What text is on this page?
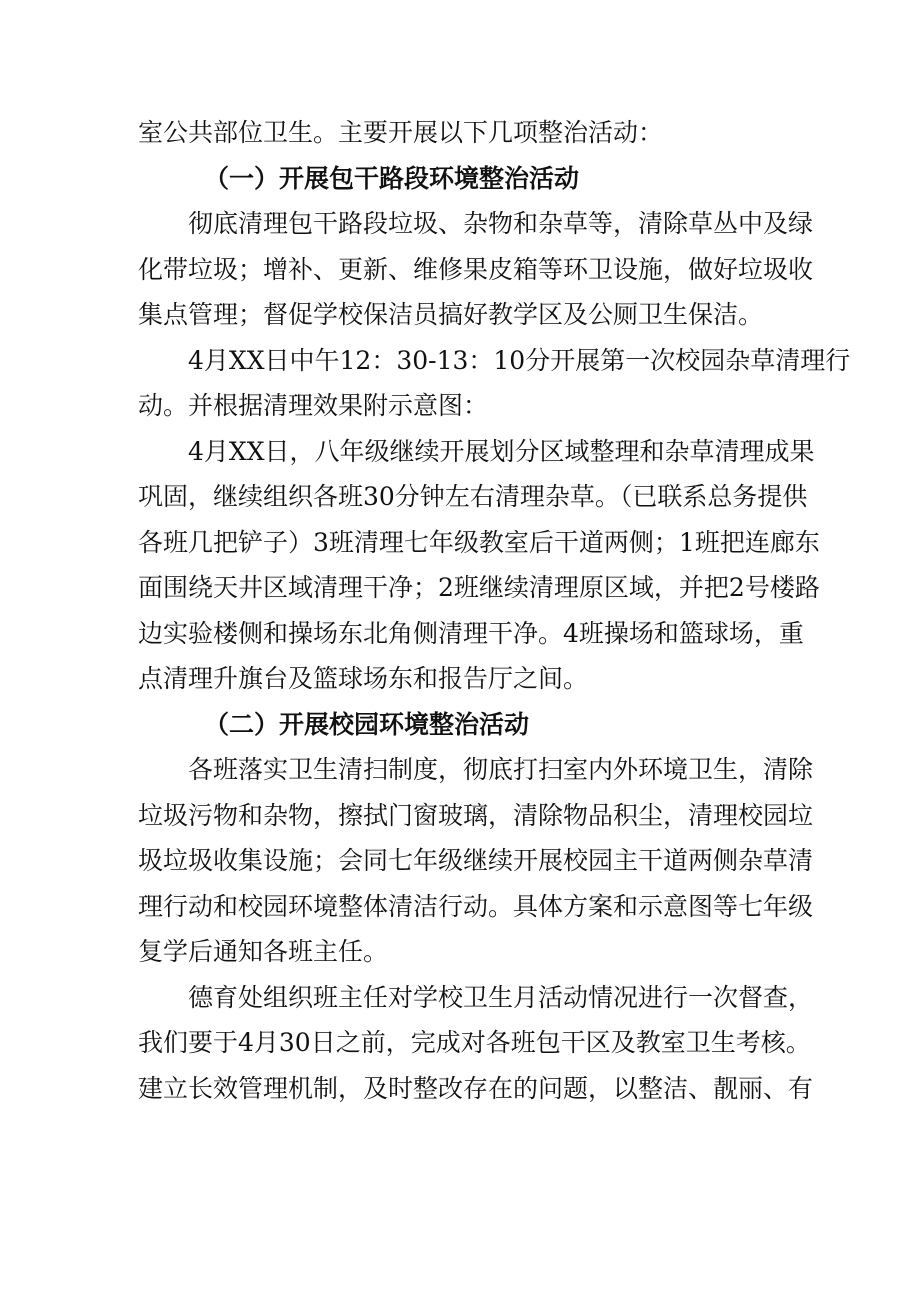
室公共部位卫生。主要开展以下几项整治活动：
（一）开展包干路段环境整治活动
彻底清理包干路段垃圾、杂物和杂草等，清除草丛中及绿
化带垃圾；增补、更新、维修果皮箱等环卫设施，做好垃圾收
集点管理；督促学校保洁员搞好教学区及公厕卫生保洁。
4月XX日中午12：30-13：10分开展第一次校园杂草清理行
动。并根据清理效果附示意图：
4月XX日，八年级继续开展划分区域整理和杂草清理成果
巩固，继续组织各班30分钟左右清理杂草。（已联系总务提供
各班几把铲子）3班清理七年级教室后干道两侧；1班把连廊东
面围绕天井区域清理干净；2班继续清理原区域，并把2号楼路
边实验楼侧和操场东北角侧清理干净。4班操场和篮球场，重
点清理升旗台及篮球场东和报告厅之间。
（二）开展校园环境整治活动
各班落实卫生清扫制度，彻底打扫室内外环境卫生，清除
垃圾污物和杂物，擦拭门窗玻璃，清除物品积尘，清理校园垃
圾垃圾收集设施；会同七年级继续开展校园主干道两侧杂草清
理行动和校园环境整体清洁行动。具体方案和示意图等七年级
复学后通知各班主任。
德育处组织班主任对学校卫生月活动情况进行一次督查，
我们要于4月30日之前，完成对各班包干区及教室卫生考核。
建立长效管理机制，及时整改存在的问题，以整洁、靓丽、有
